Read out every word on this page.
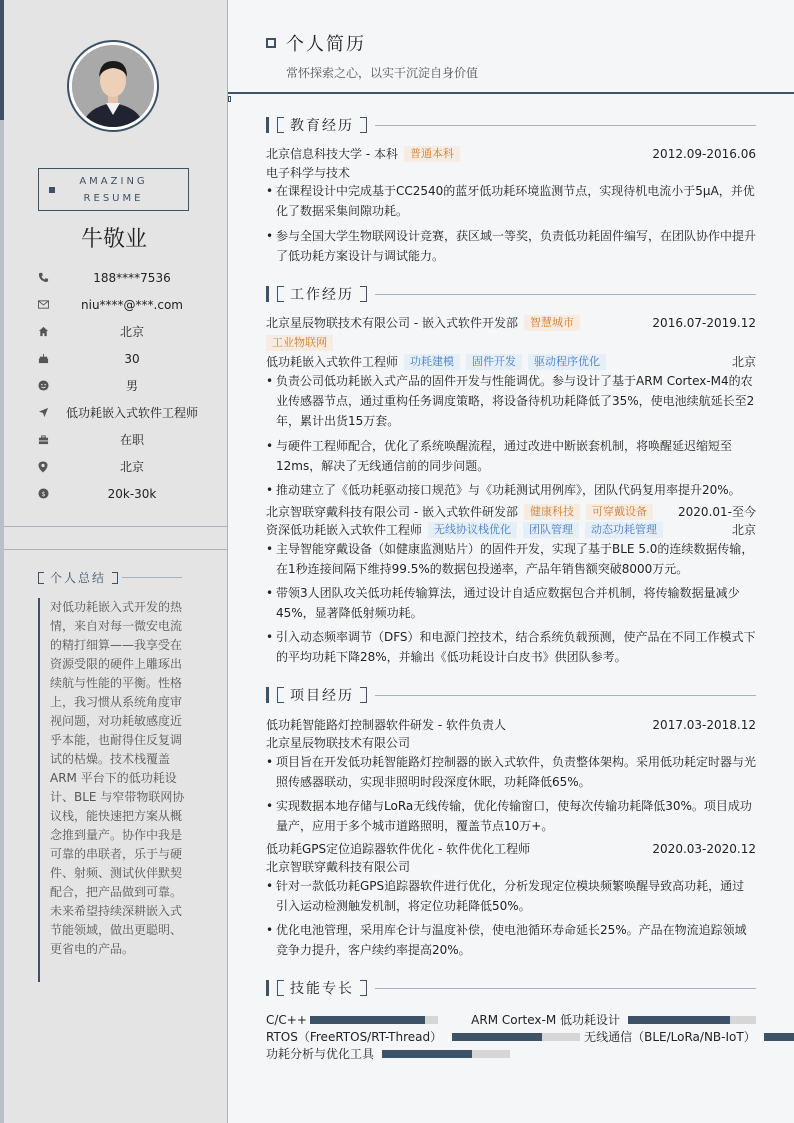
AMAZING
RESUME
牛敬业
188****7536
niu****@***.com
北京
30
男
低功耗嵌入式软件工程师
在职
北京
$	20k-30k
个人总结
对低功耗嵌入式开发的热情，来自对每一微安电流的精打细算——我享受在资源受限的硬件上雕琢出续航与性能的平衡。性格上，我习惯从系统角度审视问题，对功耗敏感度近乎本能，也耐得住反复调试的枯燥。技术栈覆盖ARM 平台下的低功耗设计、BLE 与窄带物联网协议栈，能快速把方案从概念推到量产。协作中我是可靠的串联者，乐于与硬件、射频、测试伙伴默契配合，把产品做到可靠。未来希望持续深耕嵌入式节能领域，做出更聪明、更省电的产品。
个人简历
常怀探索之心，以实干沉淀自身价值
教育经历
北京信息科技大学 - 本科	普通本科	2012.09-2016.06
电子科学与技术
• 在课程设计中完成基于CC2540的蓝牙低功耗环境监测节点，实现待机电流小于5μA，并优化了数据采集间隙功耗。
• 参与全国大学生物联网设计竞赛，获区域一等奖，负责低功耗固件编写，在团队协作中提升了低功耗方案设计与调试能力。
工作经历
北京星辰物联技术有限公司 - 嵌入式软件开发部	智慧城市	2016.07-2019.12
工业物联网
低功耗嵌入式软件工程师	功耗建模	固件开发	驱动程序优化	北京
• 负责公司低功耗嵌入式产品的固件开发与性能调优。参与设计了基于ARM Cortex-M4的农业传感器节点，通过重构任务调度策略，将设备待机功耗降低了35%，使电池续航延长至2年，累计出货15万套。
• 与硬件工程师配合，优化了系统唤醒流程，通过改进中断嵌套机制，将唤醒延迟缩短至12ms，解决了无线通信前的同步问题。
• 推动建立了《低功耗驱动接口规范》与《功耗测试用例库》，团队代码复用率提升20%。
北京智联穿戴科技有限公司 - 嵌入式软件研发部	健康科技	可穿戴设备	2020.01-至今
资深低功耗嵌入式软件工程师	无线协议栈优化	团队管理	动态功耗管理	北京
• 主导智能穿戴设备（如健康监测贴片）的固件开发，实现了基于BLE 5.0的连续数据传输，在1秒连接间隔下维持99.5%的数据包投递率，产品年销售额突破8000万元。
• 带领3人团队攻关低功耗传输算法，通过设计自适应数据包合并机制，将传输数据量减少45%，显著降低射频功耗。
• 引入动态频率调节（DFS）和电源门控技术，结合系统负载预测，使产品在不同工作模式下的平均功耗下降28%，并输出《低功耗设计白皮书》供团队参考。
项目经历
低功耗智能路灯控制器软件研发 - 软件负责人	2017.03-2018.12
北京星辰物联技术有限公司
• 项目旨在开发低功耗智能路灯控制器的嵌入式软件，负责整体架构。采用低功耗定时器与光照传感器联动，实现非照明时段深度休眠，功耗降低65%。
• 实现数据本地存储与LoRa无线传输，优化传输窗口，使每次传输功耗降低30%。项目成功量产，应用于多个城市道路照明，覆盖节点10万+。
低功耗GPS定位追踪器软件优化 - 软件优化工程师	2020.03-2020.12
北京智联穿戴科技有限公司
• 针对一款低功耗GPS追踪器软件进行优化，分析发现定位模块频繁唤醒导致高功耗，通过引入运动检测触发机制，将定位功耗降低50%。
• 优化电池管理，采用库仑计与温度补偿，使电池循环寿命延长25%。产品在物流追踪领域竞争力提升，客户续约率提高20%。
技能专长
C/C++	ARM Cortex-M 低功耗设计
RTOS（FreeRTOS/RT-Thread）	无线通信（BLE/LoRa/NB-IoT）
功耗分析与优化工具
